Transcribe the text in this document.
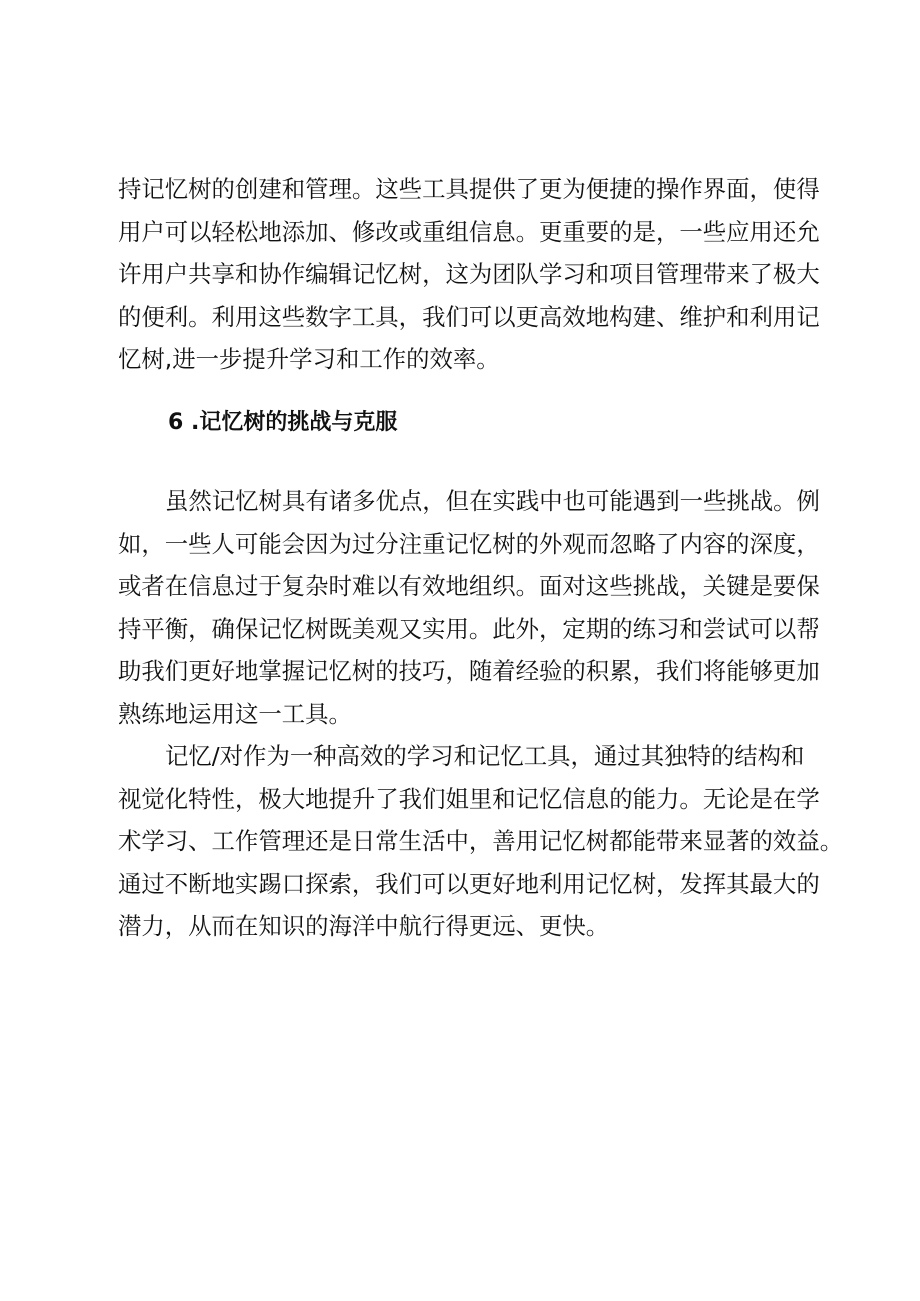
持记忆树的创建和管理。这些工具提供了更为便捷的操作界面，使得

用户可以轻松地添加、修改或重组信息。更重要的是，一些应用还允

许用户共享和协作编辑记忆树，这为团队学习和项目管理带来了极大

的便利。利用这些数字工具，我们可以更高效地构建、维护和利用记

忆树,进一步提升学习和工作的效率。

6 .记忆树的挑战与克服

虽然记忆树具有诸多优点，但在实践中也可能遇到一些挑战。例

如，一些人可能会因为过分注重记忆树的外观而忽略了内容的深度，

或者在信息过于复杂时难以有效地组织。面对这些挑战，关键是要保

持平衡，确保记忆树既美观又实用。此外，定期的练习和尝试可以帮

助我们更好地掌握记忆树的技巧，随着经验的积累，我们将能够更加

熟练地运用这一工具。

记忆/对作为一种高效的学习和记忆工具，通过其独特的结构和

视觉化特性，极大地提升了我们姐里和记忆信息的能力。无论是在学

术学习、工作管理还是日常生活中，善用记忆树都能带来显著的效益。

通过不断地实踢口探索，我们可以更好地利用记忆树，发挥其最大的

潜力，从而在知识的海洋中航行得更远、更快。
